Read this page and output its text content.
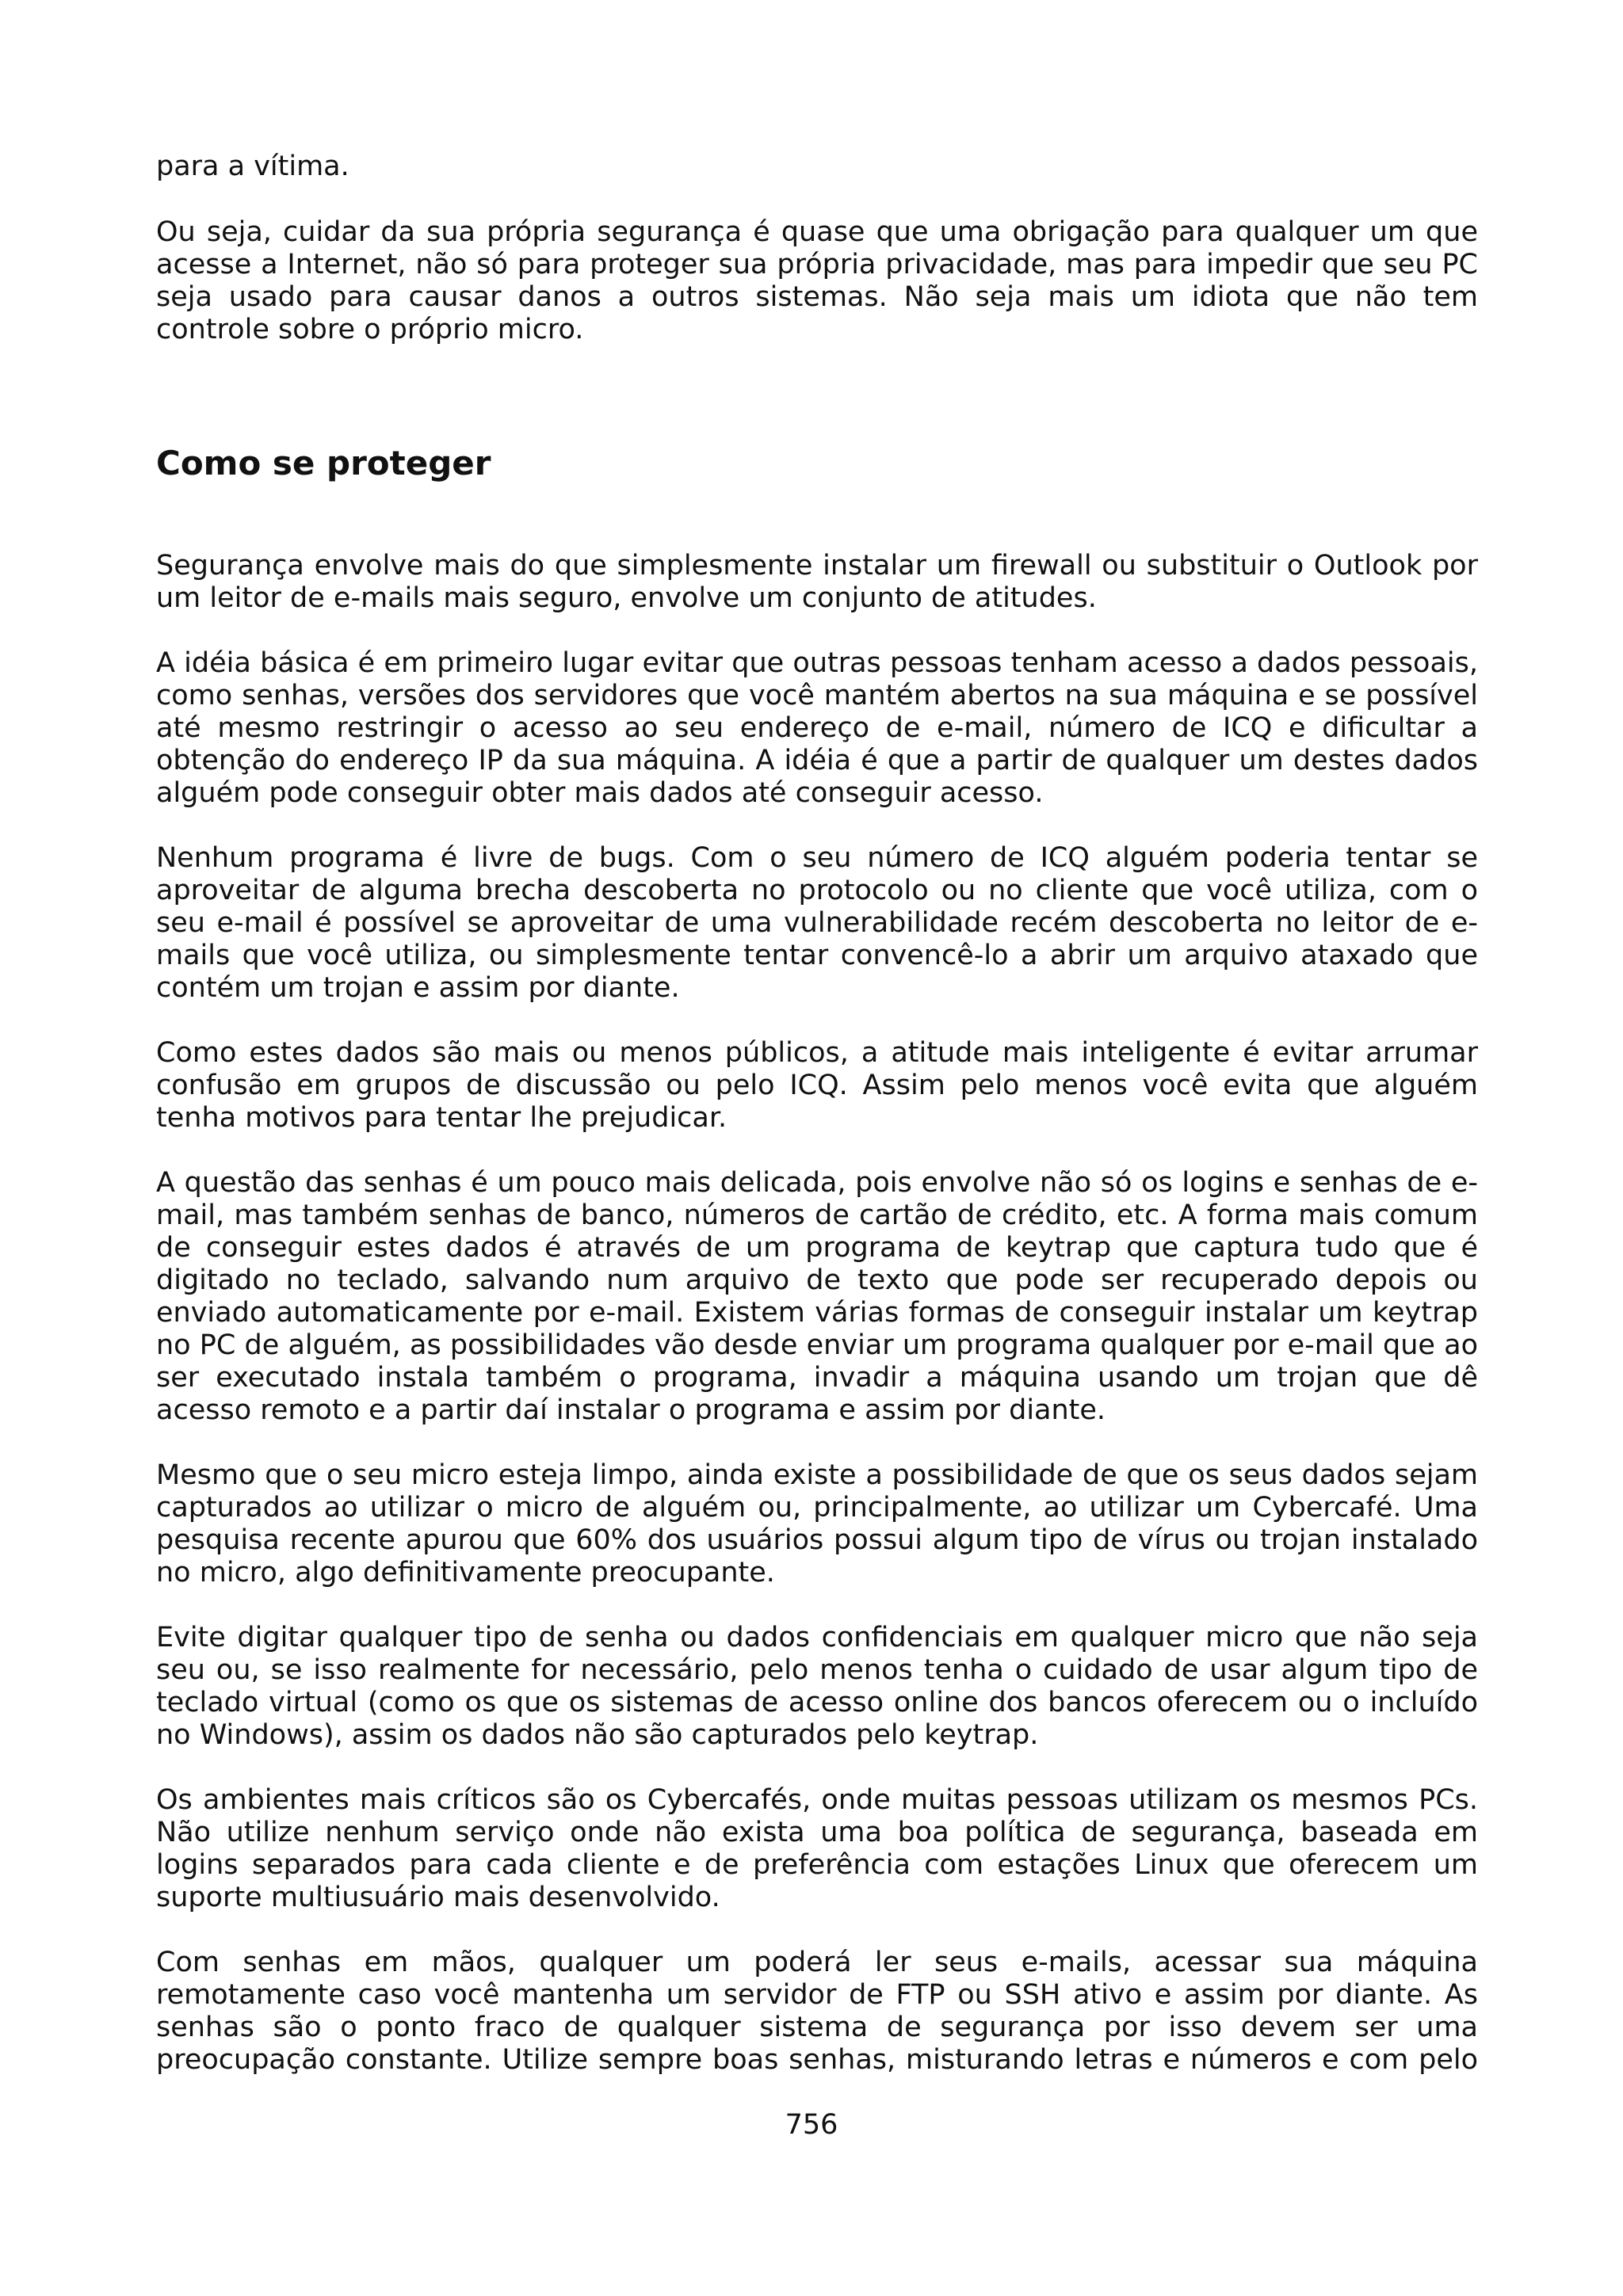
para a vítima.

Ou seja, cuidar da sua própria segurança é quase que uma obrigação para qualquer um que acesse a Internet, não só para proteger sua própria privacidade, mas para impedir que seu PC seja usado para causar danos a outros sistemas. Não seja mais um idiota que não tem controle sobre o próprio micro.

Como se proteger

Segurança envolve mais do que simplesmente instalar um firewall ou substituir o Outlook por um leitor de e-mails mais seguro, envolve um conjunto de atitudes.

A idéia básica é em primeiro lugar evitar que outras pessoas tenham acesso a dados pessoais, como senhas, versões dos servidores que você mantém abertos na sua máquina e se possível até mesmo restringir o acesso ao seu endereço de e-mail, número de ICQ e dificultar a obtenção do endereço IP da sua máquina. A idéia é que a partir de qualquer um destes dados alguém pode conseguir obter mais dados até conseguir acesso.

Nenhum programa é livre de bugs. Com o seu número de ICQ alguém poderia tentar se aproveitar de alguma brecha descoberta no protocolo ou no cliente que você utiliza, com o seu e-mail é possível se aproveitar de uma vulnerabilidade recém descoberta no leitor de e-mails que você utiliza, ou simplesmente tentar convencê-lo a abrir um arquivo ataxado que contém um trojan e assim por diante.

Como estes dados são mais ou menos públicos, a atitude mais inteligente é evitar arrumar confusão em grupos de discussão ou pelo ICQ. Assim pelo menos você evita que alguém tenha motivos para tentar lhe prejudicar.

A questão das senhas é um pouco mais delicada, pois envolve não só os logins e senhas de e-mail, mas também senhas de banco, números de cartão de crédito, etc. A forma mais comum de conseguir estes dados é através de um programa de keytrap que captura tudo que é digitado no teclado, salvando num arquivo de texto que pode ser recuperado depois ou enviado automaticamente por e-mail. Existem várias formas de conseguir instalar um keytrap no PC de alguém, as possibilidades vão desde enviar um programa qualquer por e-mail que ao ser executado instala também o programa, invadir a máquina usando um trojan que dê acesso remoto e a partir daí instalar o programa e assim por diante.

Mesmo que o seu micro esteja limpo, ainda existe a possibilidade de que os seus dados sejam capturados ao utilizar o micro de alguém ou, principalmente, ao utilizar um Cybercafé. Uma pesquisa recente apurou que 60% dos usuários possui algum tipo de vírus ou trojan instalado no micro, algo definitivamente preocupante.

Evite digitar qualquer tipo de senha ou dados confidenciais em qualquer micro que não seja seu ou, se isso realmente for necessário, pelo menos tenha o cuidado de usar algum tipo de teclado virtual (como os que os sistemas de acesso online dos bancos oferecem ou o incluído no Windows), assim os dados não são capturados pelo keytrap.

Os ambientes mais críticos são os Cybercafés, onde muitas pessoas utilizam os mesmos PCs. Não utilize nenhum serviço onde não exista uma boa política de segurança, baseada em logins separados para cada cliente e de preferência com estações Linux que oferecem um suporte multiusuário mais desenvolvido.

Com senhas em mãos, qualquer um poderá ler seus e-mails, acessar sua máquina remotamente caso você mantenha um servidor de FTP ou SSH ativo e assim por diante. As senhas são o ponto fraco de qualquer sistema de segurança por isso devem ser uma preocupação constante. Utilize sempre boas senhas, misturando letras e números e com pelo

756
